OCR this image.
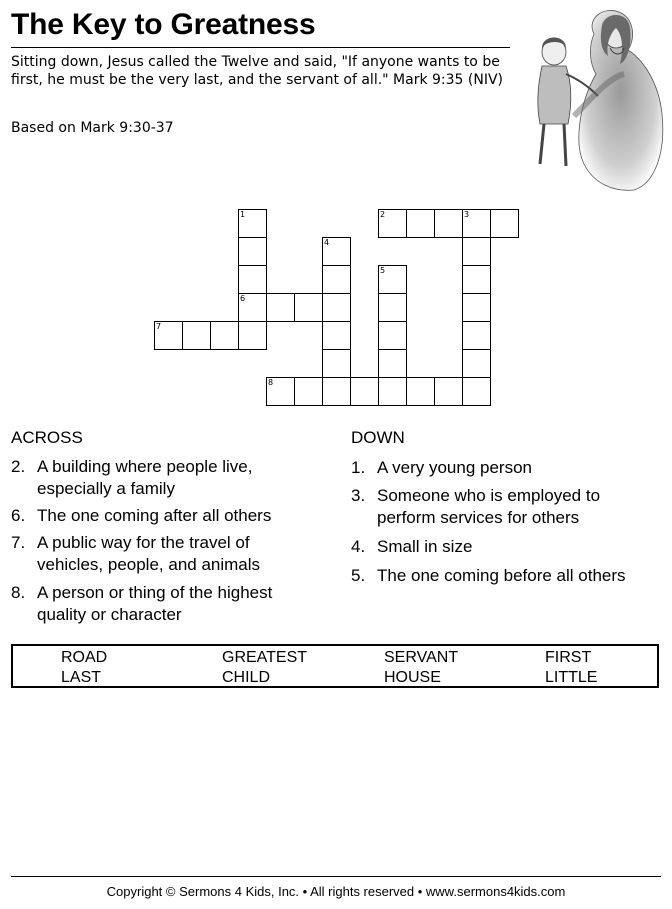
The Key to Greatness
Sitting down, Jesus called the Twelve and said, "If anyone wants to be first, he must be the very last, and the servant of all." Mark 9:35 (NIV)
Based on Mark 9:30-37
1
6
2	3
4
5
7
8
ACROSS
2. A building where people live, especially a family
6. The one coming after all others
7. A public way for the travel of vehicles, people, and animals
8. A person or thing of the highest quality or character
DOWN
1. A very young person
3. Someone who is employed to perform services for others
4. Small in size
5. The one coming before all others
ROAD	GREATEST	SERVANT	FIRST
LAST	CHILD	HOUSE	LITTLE
Copyright © Sermons 4 Kids, Inc. • All rights reserved • www.sermons4kids.com
